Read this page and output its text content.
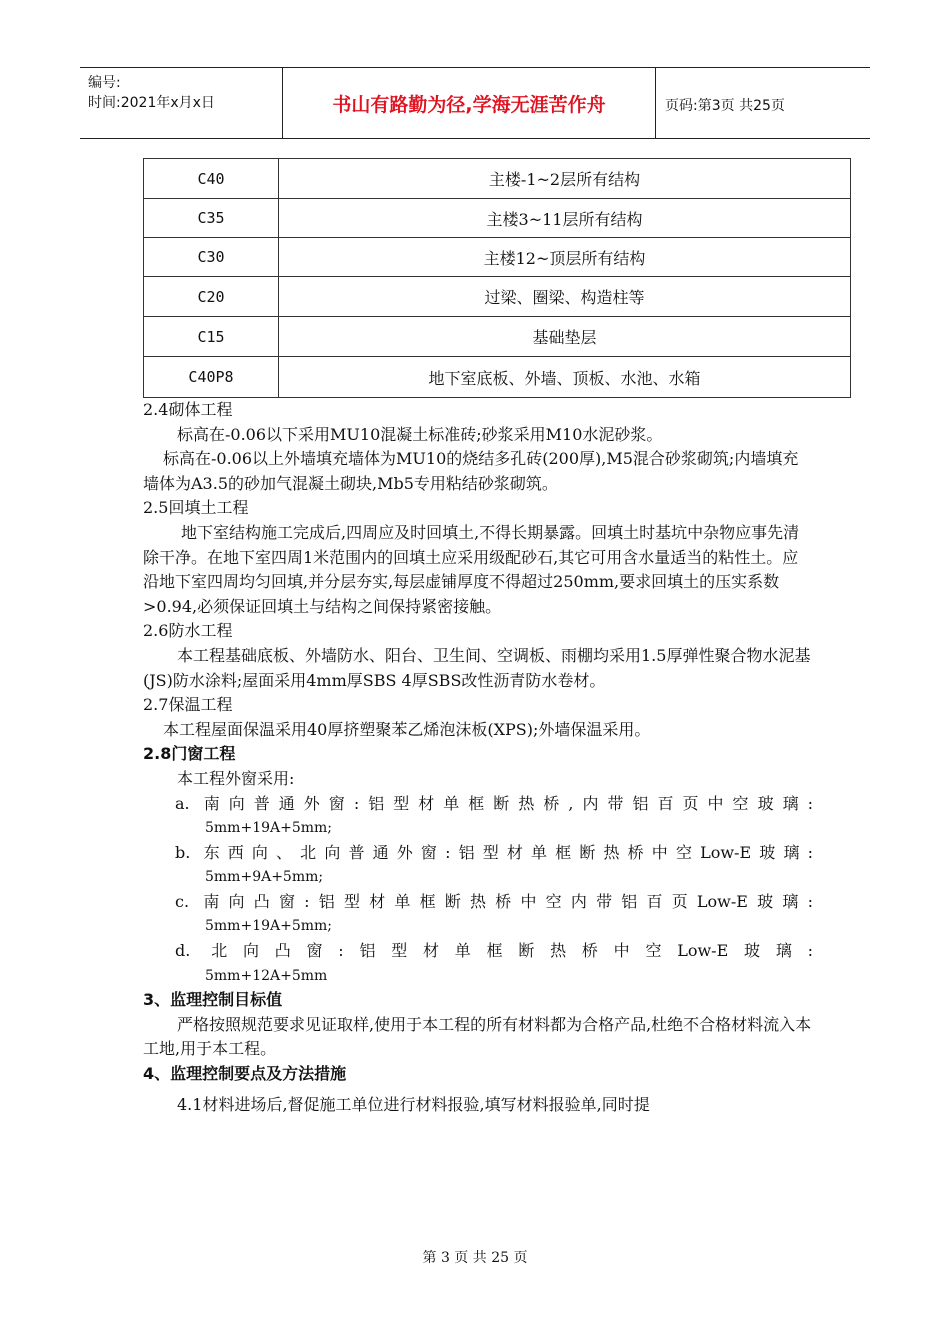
编号:
时间:2021年x月x日	书山有路勤为径,学海无涯苦作舟	页码:第3页 共25页
C40	主楼-1~2层所有结构
C35	主楼3~11层所有结构
C30	主楼12~顶层所有结构
C20	过梁、圈梁、构造柱等
C15	基础垫层
C40P8	地下室底板、外墙、顶板、水池、水箱

2.4砌体工程

标高在-0.06以下采用MU10混凝土标准砖;砂浆采用M10水泥砂浆。

标高在-0.06以上外墙填充墙体为MU10的烧结多孔砖(200厚),M5混合砂浆砌筑;内墙填充墙体为A3.5的砂加气混凝土砌块,Mb5专用粘结砂浆砌筑。

2.5回填土工程

地下室结构施工完成后,四周应及时回填土,不得长期暴露。回填土时基坑中杂物应事先清除干净。在地下室四周1米范围内的回填土应采用级配砂石,其它可用含水量适当的粘性土。应沿地下室四周均匀回填,并分层夯实,每层虚铺厚度不得超过250mm,要求回填土的压实系数>0.94,必须保证回填土与结构之间保持紧密接触。

2.6防水工程

本工程基础底板、外墙防水、阳台、卫生间、空调板、雨棚均采用1.5厚弹性聚合物水泥基(JS)防水涂料;屋面采用4mm厚SBS 4厚SBS改性沥青防水卷材。

2.7保温工程

本工程屋面保温采用40厚挤塑聚苯乙烯泡沫板(XPS);外墙保温采用。

2.8门窗工程

本工程外窗采用:

a. 南向普通外窗:铝型材单框断热桥,内带铝百页中空玻璃:
5mm+19A+5mm;
b. 东西向、北向普通外窗:铝型材单框断热桥中空Low-E玻璃:
5mm+9A+5mm;
c. 南向凸窗:铝型材单框断热桥中空内带铝百页Low-E玻璃:
5mm+19A+5mm;
d. 北向凸窗:铝型材单框断热桥中空Low-E玻璃:
5mm+12A+5mm

3、监理控制目标值

严格按照规范要求见证取样,使用于本工程的所有材料都为合格产品,杜绝不合格材料流入本工地,用于本工程。

4、监理控制要点及方法措施

4.1材料进场后,督促施工单位进行材料报验,填写材料报验单,同时提

第 3 页 共 25 页
